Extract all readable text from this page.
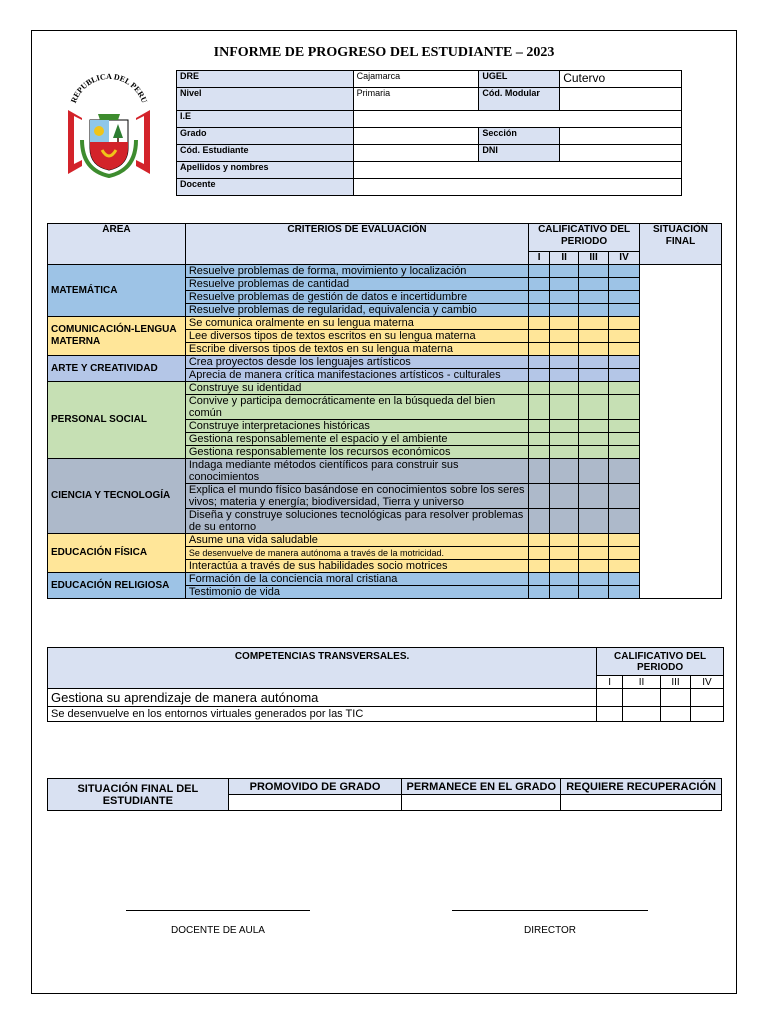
INFORME DE PROGRESO DEL ESTUDIANTE – 2023
REPUBLICA DEL PERU
DRE	Cajamarca	UGEL	Cutervo
Nivel	Primaria	Cód. Modular	
I.E			
Grado		Sección	
Cód. Estudiante		DNI	
Apellidos y nombres			
Docente			
ÁREA	CRITERIOS DE EVALUACIÓN	CALIFICATIVO DEL PERIODO				SITUACIÓN FINAL
		I	II	III	IV	
MATEMÁTICA	Resuelve problemas de forma, movimiento y localización					
	Resuelve problemas de cantidad					
	Resuelve problemas de gestión de datos e incertidumbre					
	Resuelve problemas de regularidad, equivalencia y cambio					
COMUNICACIÓN-LENGUA MATERNA	Se comunica oralmente en su lengua materna					
	Lee diversos tipos de textos escritos en su lengua materna					
	Escribe diversos tipos de textos en su lengua materna					
ARTE Y CREATIVIDAD	Crea proyectos desde los lenguajes artísticos					
	Aprecia de manera crítica manifestaciones artísticos - culturales					
PERSONAL SOCIAL	Construye su identidad					
	Convive y participa democráticamente en la búsqueda del bien común					
	Construye interpretaciones históricas					
	Gestiona responsablemente el espacio y el ambiente					
	Gestiona responsablemente los recursos económicos					
CIENCIA Y TECNOLOGÍA	Indaga mediante métodos científicos para construir sus conocimientos					
	Explica el mundo físico basándose en conocimientos sobre los seres vivos; materia y energía; biodiversidad, Tierra y universo					
	Diseña y construye soluciones tecnológicas para resolver problemas de su entorno					
EDUCACIÓN FÍSICA	Asume una vida saludable					
	Se desenvuelve de manera autónoma a través de la motricidad.					
	Interactúa a través de sus habilidades socio motrices					
EDUCACIÓN RELIGIOSA	Formación de la conciencia moral cristiana					
	Testimonio de vida					
COMPETENCIAS TRANSVERSALES.	CALIFICATIVO DEL PERIODO			
	I	II	III	IV
Gestiona su aprendizaje de manera autónoma				
Se desenvuelve en los entornos virtuales generados por las TIC				
SITUACIÓN FINAL DEL ESTUDIANTE	PROMOVIDO DE GRADO	PERMANECE EN EL GRADO	REQUIERE RECUPERACIÓN

DOCENTE DE AULA	DIRECTOR
